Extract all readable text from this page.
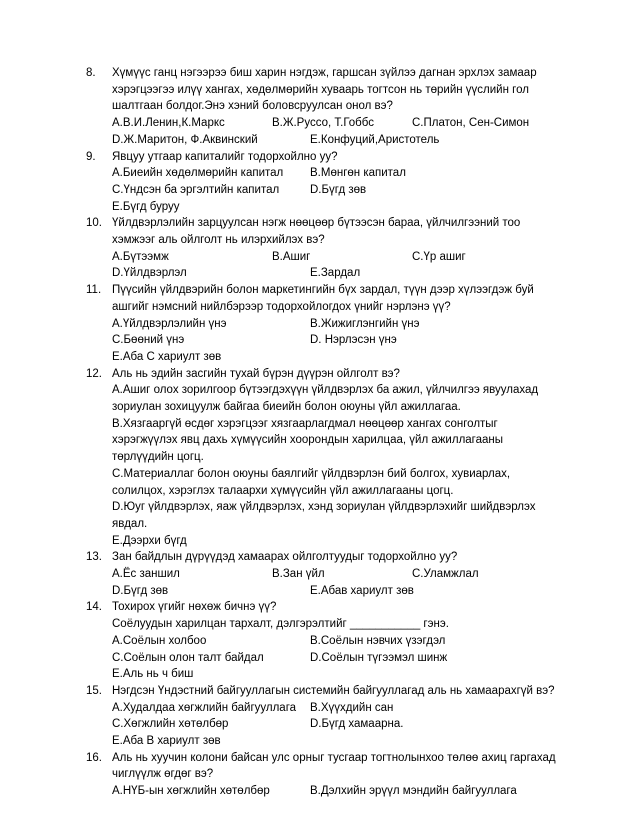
8. Хүмүүс ганц нэгээрээ биш харин нэгдэж, гаршсан зүйлээ дагнан эрхлэх замаар
хэрэгцээгээ илүү хангах, хөдөлмөрийн хуваарь тогтсон нь төрийн үүслийн гол
шалтгаан болдог.Энэ хэний боловсруулсан онол вэ?
А.В.И.Ленин,К.Маркс	В.Ж.Руссо, Т.Гоббс	С.Платон, Сен-Симон
D.Ж.Маритон, Ф.Аквинский	Е.Конфуций,Аристотель
9. Явцуу утгаар капиталийг тодорхойлно уу?
А.Биеийн хөдөлмөрийн капитал В.Мөнгөн капитал
С.Үндсэн ба эргэлтийн капитал	D.Бүгд зөв
Е.Бүгд буруу
10. Үйлдвэрлэлийн зарцуулсан нэгж нөөцөөр бүтээсэн бараа, үйлчилгээний тоо
хэмжээг аль ойлголт нь илэрхийлэх вэ?
А.Бүтээмж	В.Ашиг	С.Үр ашиг
D.Үйлдвэрлэл	Е.Зардал
11. Пүүсийн үйлдвэрийн болон маркетингийн бүх зардал, түүн дээр хүлээгдэж буй
ашгийг нэмсний нийлбэрээр тодорхойлогдох үнийг нэрлэнэ үү?
А.Үйлдвэрлэлийн үнэ	В.Жижиглэнгийн үнэ
С.Бөөний үнэ	D. Нэрлэсэн үнэ
Е.Аба С хариулт зөв
12. Аль нь эдийн засгийн тухай бүрэн дүүрэн ойлголт вэ?
А.Ашиг олох зорилгоор бүтээгдэхүүн үйлдвэрлэх ба ажил, үйлчилгээ явуулахад
зориулан зохицуулж байгаа биеийн болон оюуны үйл ажиллагаа.
В.Хязгааргүй өсдөг хэрэгцээг хязгаарлагдмал нөөцөөр хангах сонголтыг
хэрэгжүүлэх явц дахь хүмүүсийн хоорондын харилцаа, үйл ажиллагааны
төрлүүдийн цогц.
С.Материаллаг болон оюуны баялгийг үйлдвэрлэн бий болгох, хувиарлах,
солилцох, хэрэглэх талаархи хүмүүсийн үйл ажиллагааны цогц.
D.Юуг үйлдвэрлэх, яаж үйлдвэрлэх, хэнд зориулан үйлдвэрлэхийг шийдвэрлэх
явдал.
Е.Дээрхи бүгд
13. Зан байдлын дүрүүдэд хамаарах ойлголтуудыг тодорхойлно уу?
А.Ёс заншил	В.Зан үйл	С.Уламжлал
D.Бүгд зөв	Е.Абав хариулт зөв
14. Тохирох үгийг нөхөж бичнэ үү?
Соёлуудын харилцан тархалт, дэлгэрэлтийг ___________ гэнэ.
А.Соёлын холбоо	В.Соёлын нэвчих үзэгдэл
С.Соёлын олон талт байдал	D.Соёлын түгээмэл шинж
Е.Аль нь ч биш
15. Нэгдсэн Үндэстний байгууллагын системийн байгууллагад аль нь хамаарахгүй вэ?
А.Худалдаа хөгжлийн байгууллага В.Хүүхдийн сан
С.Хөгжлийн хөтөлбөр	D.Бүгд хамаарна.
Е.Аба В хариулт зөв
16. Аль нь хуучин колони байсан улс орныг тусгаар тогтнолынхоо төлөө ахиц гаргахад
чиглүүлж өгдөг вэ?
А.НҮБ-ын хөгжлийн хөтөлбөр	В.Дэлхийн эрүүл мэндийн байгууллага
